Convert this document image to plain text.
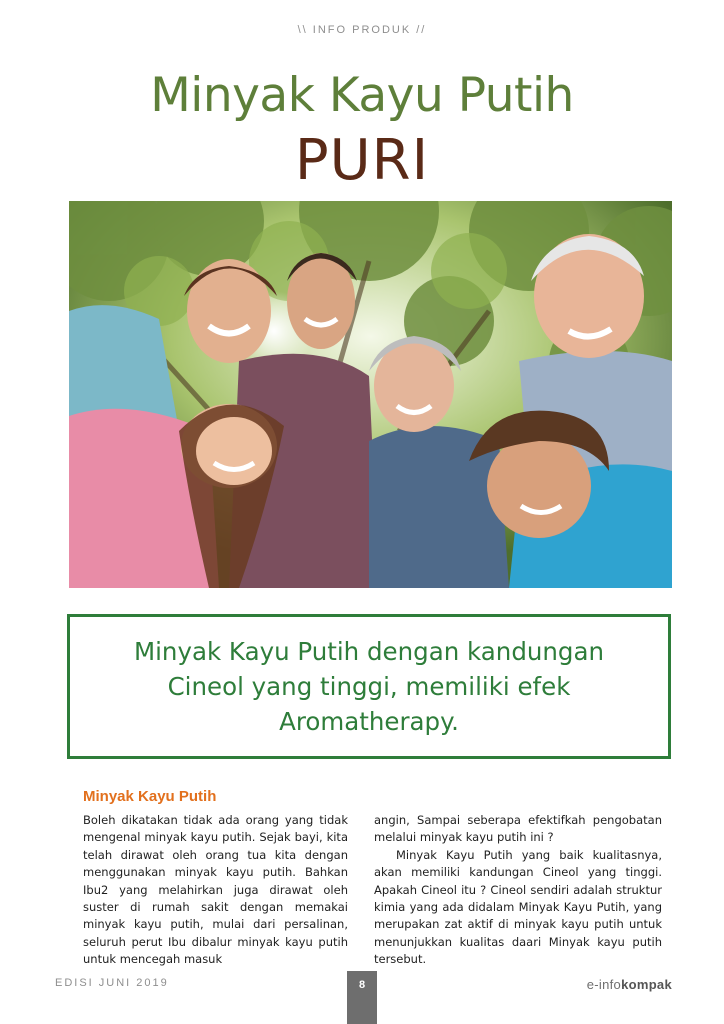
\\ INFO PRODUK //
Minyak Kayu Putih
PURI
Minyak Kayu Putih dengan kandungan Cineol yang tinggi, memiliki efek Aromatherapy.
Minyak Kayu Putih

Boleh dikatakan tidak ada orang yang tidak mengenal minyak kayu putih. Sejak bayi, kita telah dirawat oleh orang tua kita dengan menggunakan minyak kayu putih. Bahkan Ibu2 yang melahirkan juga dirawat oleh suster di rumah sakit dengan memakai minyak kayu putih, mulai dari persalinan, seluruh perut Ibu dibalur minyak kayu putih untuk mencegah masuk

angin, Sampai seberapa efektifkah pengobatan melalui minyak kayu putih ini ?

Minyak Kayu Putih yang baik kualitasnya, akan memiliki kandungan Cineol yang tinggi. Apakah Cineol itu ? Cineol sendiri adalah struktur kimia yang ada didalam Minyak Kayu Putih, yang merupakan zat aktif di minyak kayu putih untuk menunjukkan kualitas daari Minyak kayu putih tersebut.

EDISI JUNI 2019	8	e-infokompak
